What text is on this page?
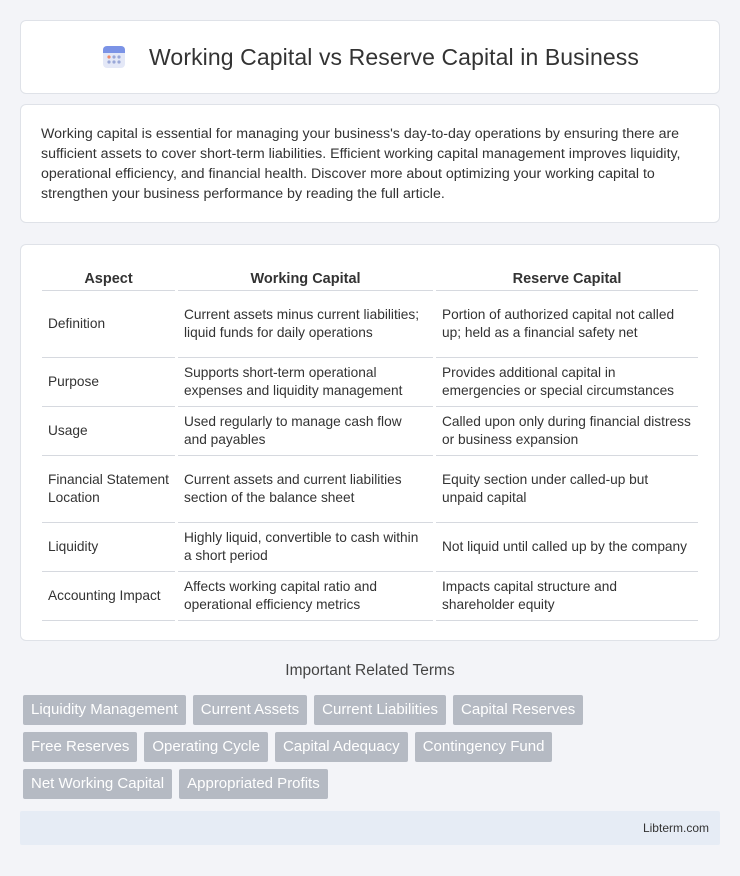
Working Capital vs Reserve Capital in Business

Working capital is essential for managing your business's day-to-day operations by ensuring there are sufficient assets to cover short-term liabilities. Efficient working capital management improves liquidity, operational efficiency, and financial health. Discover more about optimizing your working capital to strengthen your business performance by reading the full article.

Aspect	Working Capital	Reserve Capital
Definition	Current assets minus current liabilities; liquid funds for daily operations	Portion of authorized capital not called up; held as a financial safety net
Purpose	Supports short-term operational expenses and liquidity management	Provides additional capital in emergencies or special circumstances
Usage	Used regularly to manage cash flow and payables	Called upon only during financial distress or business expansion
Financial Statement Location	Current assets and current liabilities section of the balance sheet	Equity section under called-up but unpaid capital
Liquidity	Highly liquid, convertible to cash within a short period	Not liquid until called up by the company
Accounting Impact	Affects working capital ratio and operational efficiency metrics	Impacts capital structure and shareholder equity
Important Related Terms
Liquidity Management	Current Assets	Current Liabilities	Capital Reserves
Free Reserves	Operating Cycle	Capital Adequacy	Contingency Fund
Net Working Capital	Appropriated Profits
Libterm.com
